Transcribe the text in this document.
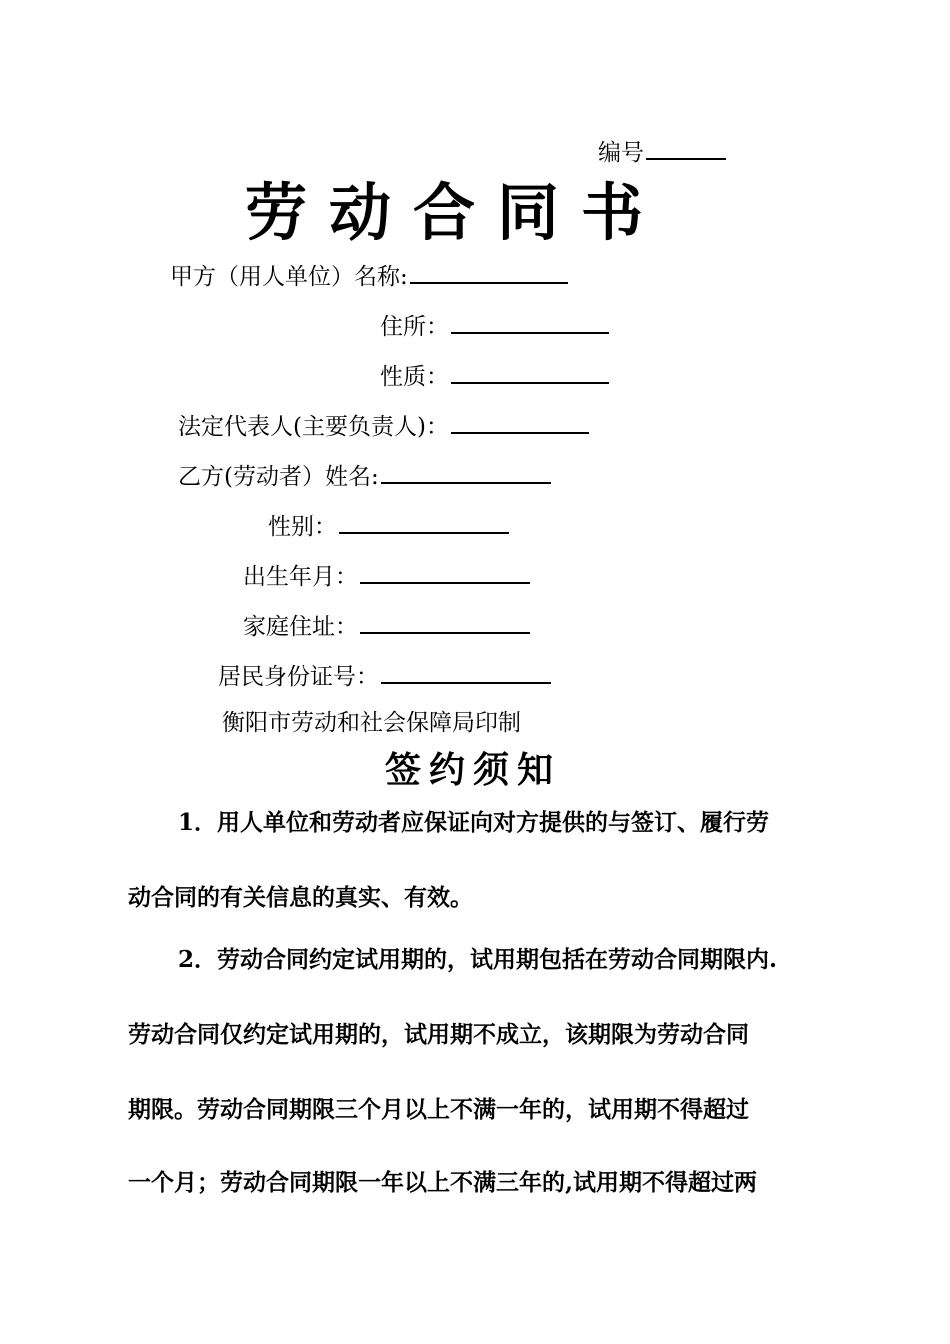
编号
劳动合同书
甲方（用人单位）名称:
住所：
性质：
法定代表人(主要负责人)：
乙方(劳动者）姓名:
性别：
出生年月：
家庭住址：
居民身份证号：
衡阳市劳动和社会保障局印制
签约须知
1．用人单位和劳动者应保证向对方提供的与签订、履行劳
动合同的有关信息的真实、有效。
2．劳动合同约定试用期的，试用期包括在劳动合同期限内.
劳动合同仅约定试用期的，试用期不成立，该期限为劳动合同
期限。劳动合同期限三个月以上不满一年的，试用期不得超过
一个月；劳动合同期限一年以上不满三年的,试用期不得超过两
